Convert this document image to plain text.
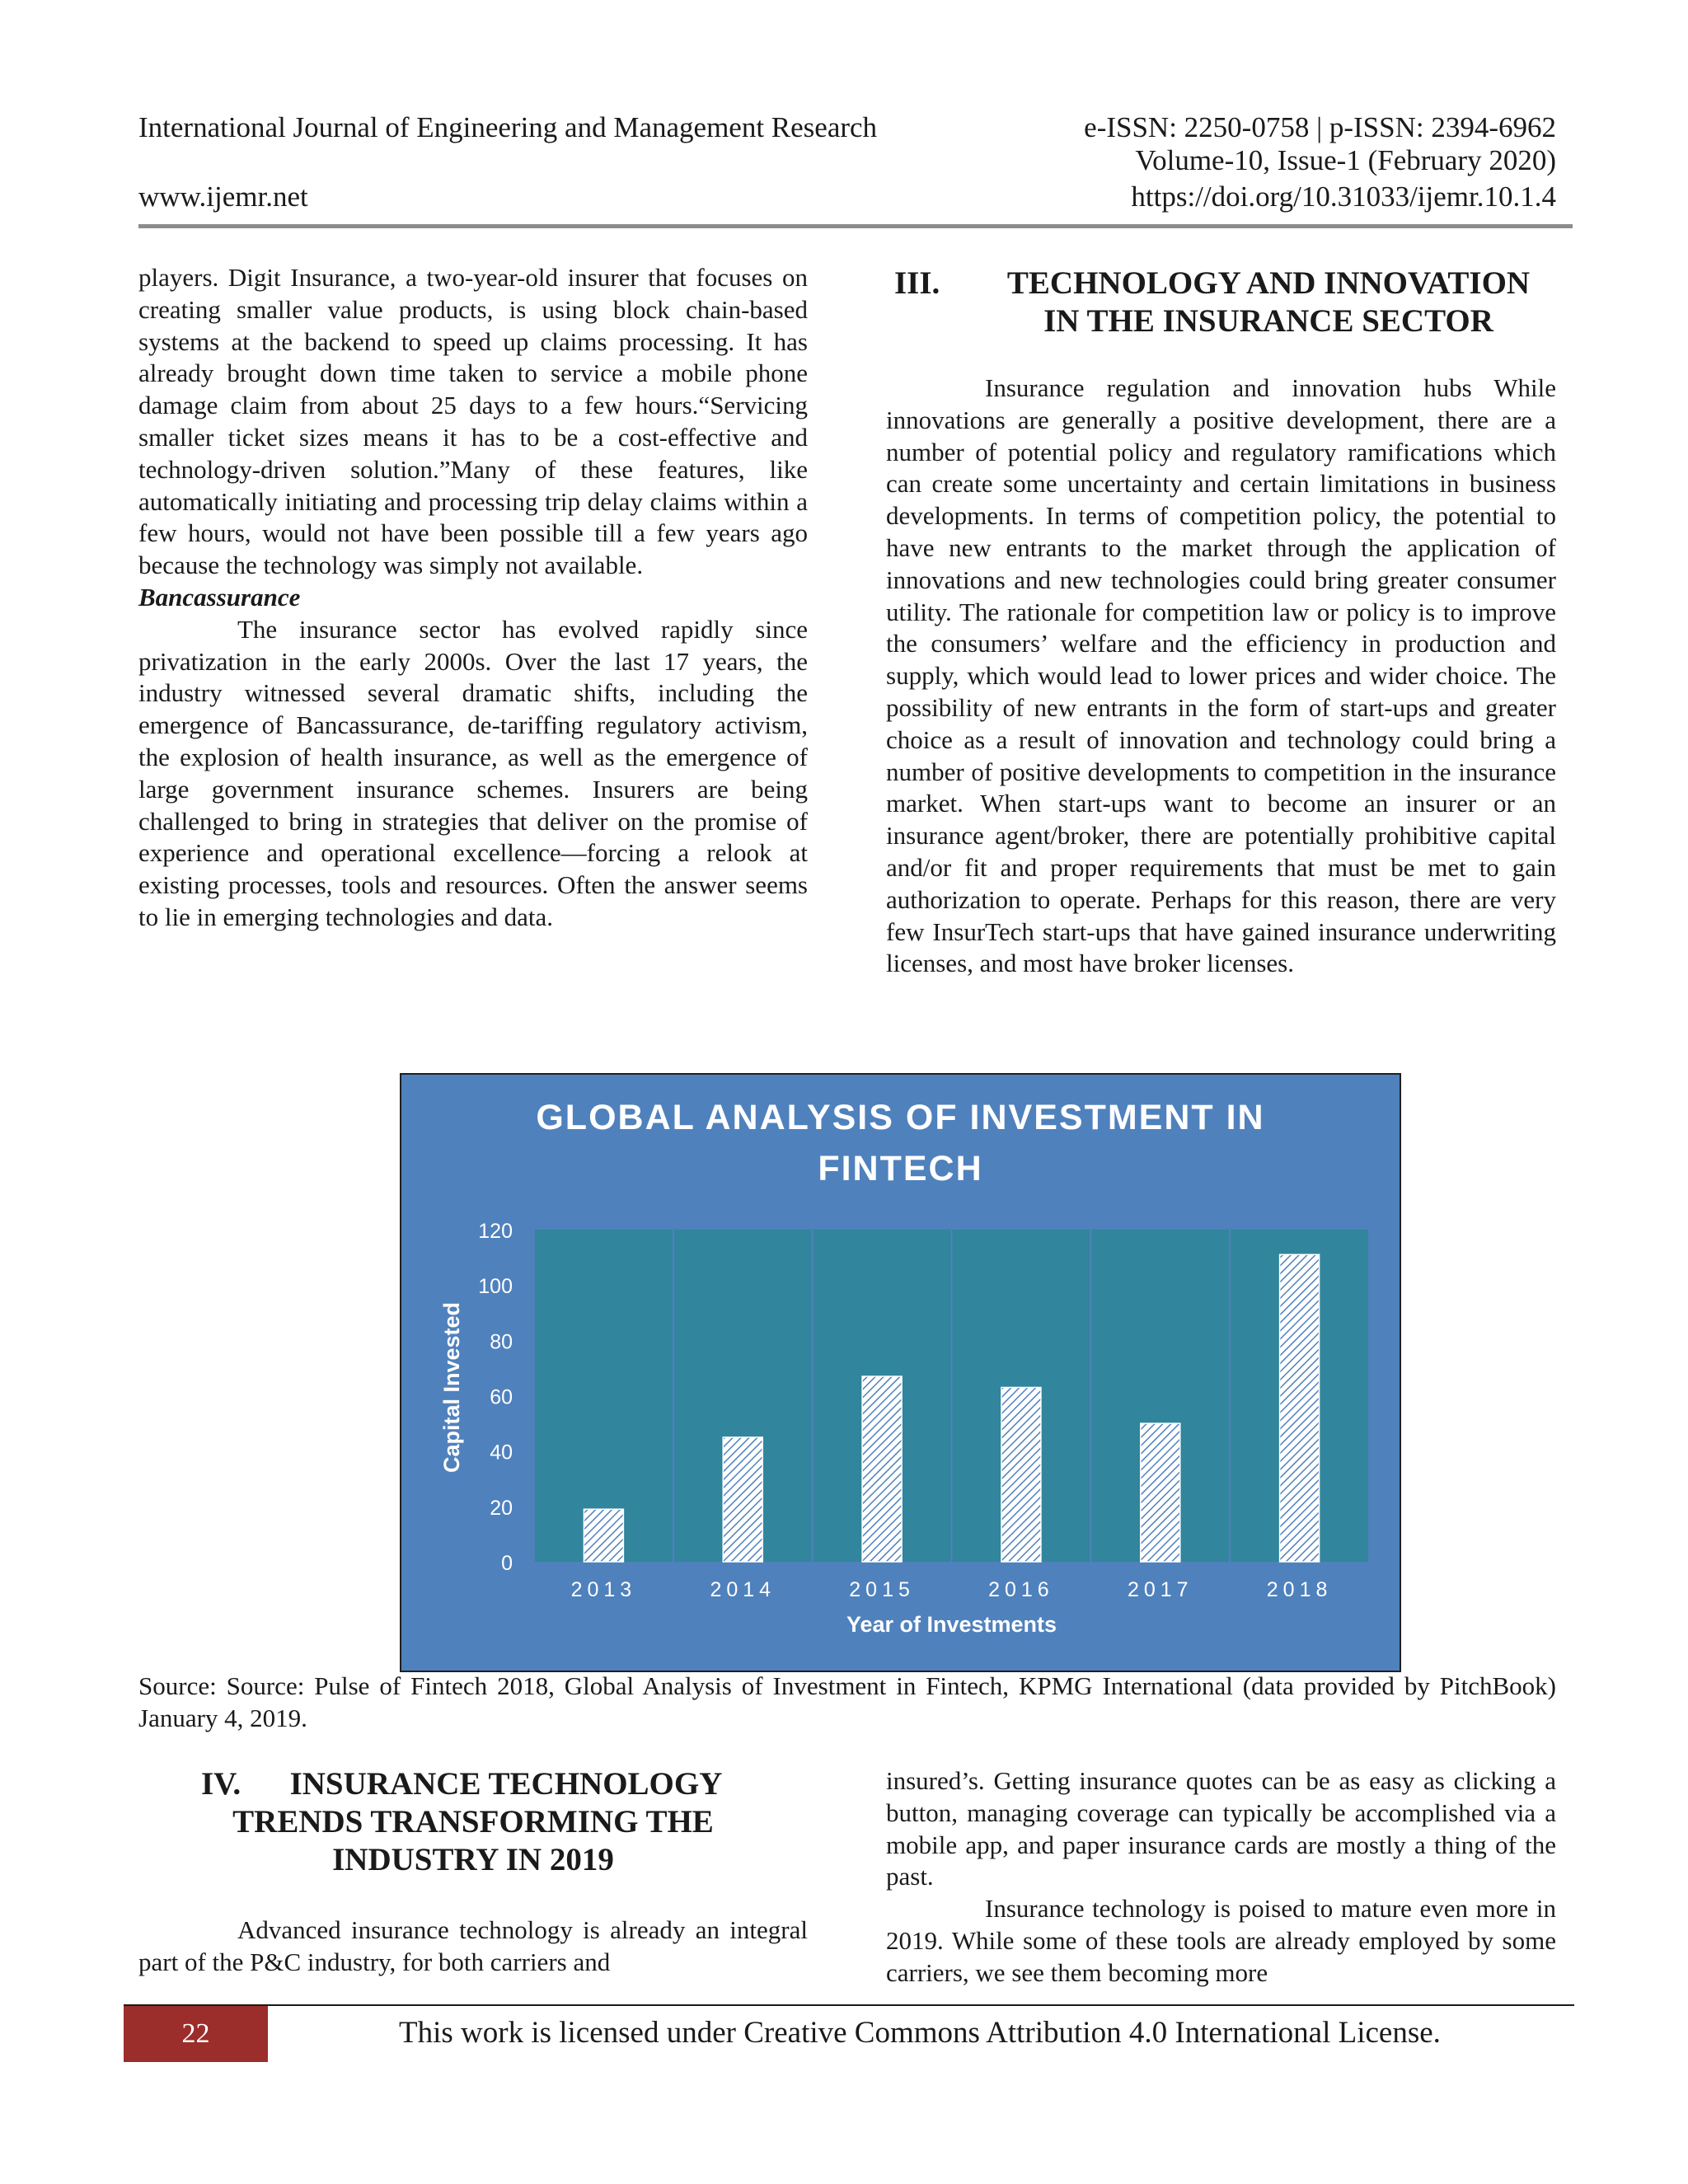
International Journal of Engineering and Management Research	e-ISSN: 2250-0758 | p-ISSN: 2394-6962
Volume-10, Issue-1 (February 2020)
www.ijemr.net	https://doi.org/10.31033/ijemr.10.1.4

players. Digit Insurance, a two-year-old insurer that focuses on creating smaller value products, is using block chain-based systems at the backend to speed up claims processing. It has already brought down time taken to service a mobile phone damage claim from about 25 days to a few hours.“Servicing smaller ticket sizes means it has to be a cost-effective and technology-driven solution.”Many of these features, like automatically initiating and processing trip delay claims within a few hours, would not have been possible till a few years ago because the technology was simply not available.

Bancassurance

The insurance sector has evolved rapidly since privatization in the early 2000s. Over the last 17 years, the industry witnessed several dramatic shifts, including the emergence of Bancassurance, de-tariffing regulatory activism, the explosion of health insurance, as well as the emergence of large government insurance schemes. Insurers are being challenged to bring in strategies that deliver on the promise of experience and operational excellence—forcing a relook at existing processes, tools and resources. Often the answer seems to lie in emerging technologies and data.

III.	TECHNOLOGY AND INNOVATION
IN THE INSURANCE SECTOR

Insurance regulation and innovation hubs While innovations are generally a positive development, there are a number of potential policy and regulatory ramifications which can create some uncertainty and certain limitations in business developments. In terms of competition policy, the potential to have new entrants to the market through the application of innovations and new technologies could bring greater consumer utility. The rationale for competition law or policy is to improve the consumers’ welfare and the efficiency in production and supply, which would lead to lower prices and wider choice. The possibility of new entrants in the form of start-ups and greater choice as a result of innovation and technology could bring a number of positive developments to competition in the insurance market. When start-ups want to become an insurer or an insurance agent/broker, there are potentially prohibitive capital and/or fit and proper requirements that must be met to gain authorization to operate. Perhaps for this reason, there are very few InsurTech start-ups that have gained insurance underwriting licenses, and most have broker licenses.

GLOBAL ANALYSIS OF INVESTMENT IN
FINTECH
0
20
40
60
80
100
120
2013	2014	2015	2016	2017	2018
Year of Investments
Capital Invested
Source: Source: Pulse of Fintech 2018, Global Analysis of Investment in Fintech, KPMG International (data provided by PitchBook) January 4, 2019.
IV.	INSURANCE TECHNOLOGY
TRENDS TRANSFORMING THE
INDUSTRY IN 2019

Advanced insurance technology is already an integral part of the P&C industry, for both carriers and

insured’s. Getting insurance quotes can be as easy as clicking a button, managing coverage can typically be accomplished via a mobile app, and paper insurance cards are mostly a thing of the past.

Insurance technology is poised to mature even more in 2019. While some of these tools are already employed by some carriers, we see them becoming more

22	This work is licensed under Creative Commons Attribution 4.0 International License.
